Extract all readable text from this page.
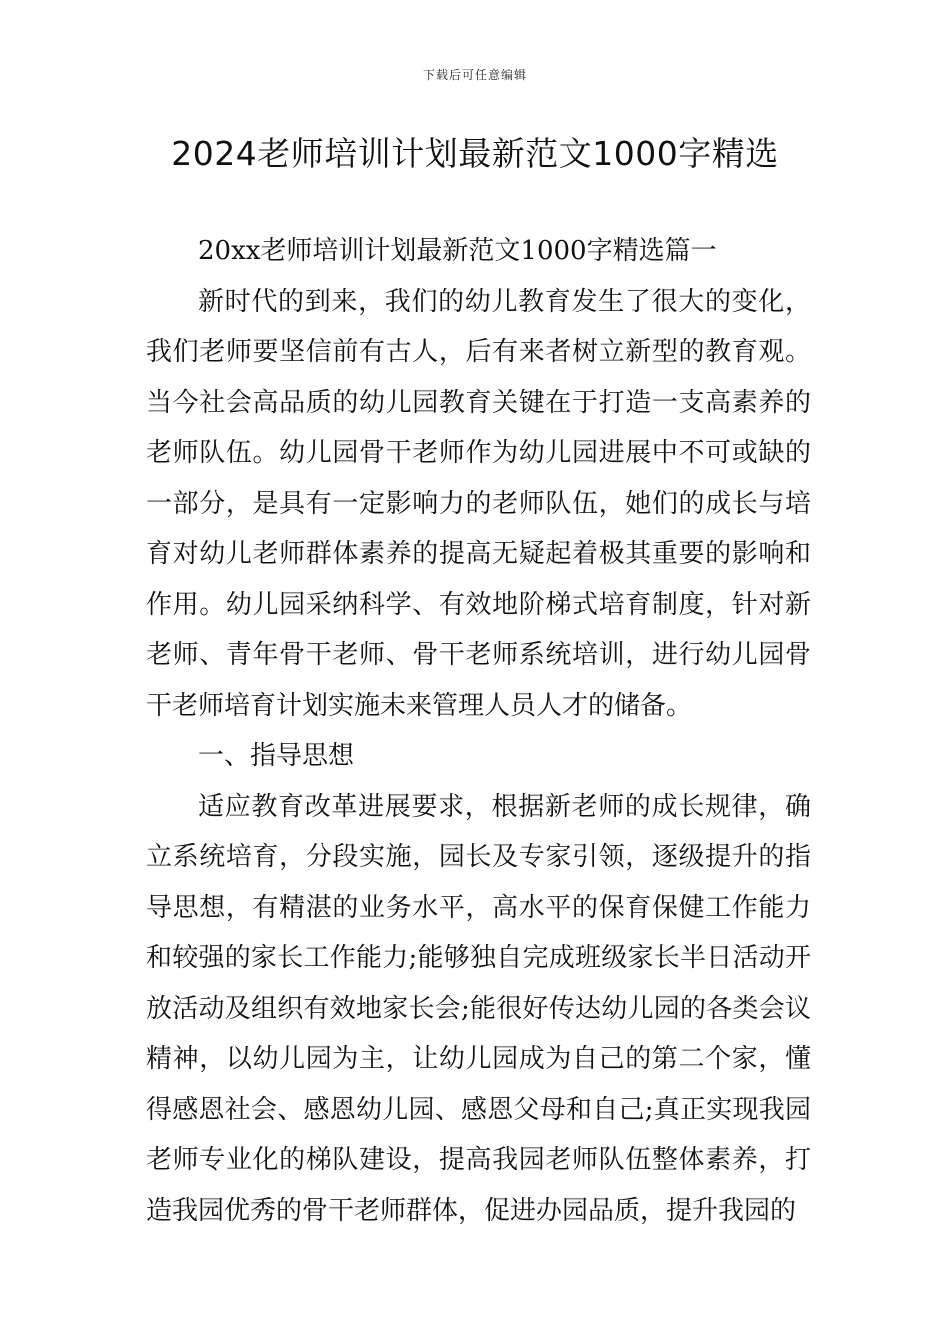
下载后可任意编辑
2024老师培训计划最新范文1000字精选

20xx老师培训计划最新范文1000字精选篇一

新时代的到来，我们的幼儿教育发生了很大的变化，我们老师要坚信前有古人，后有来者树立新型的教育观。当今社会高品质的幼儿园教育关键在于打造一支高素养的老师队伍。幼儿园骨干老师作为幼儿园进展中不可或缺的一部分，是具有一定影响力的老师队伍，她们的成长与培育对幼儿老师群体素养的提高无疑起着极其重要的影响和作用。幼儿园采纳科学、有效地阶梯式培育制度，针对新老师、青年骨干老师、骨干老师系统培训，进行幼儿园骨干老师培育计划实施未来管理人员人才的储备。

一、指导思想

适应教育改革进展要求，根据新老师的成长规律，确立系统培育，分段实施，园长及专家引领，逐级提升的指导思想，有精湛的业务水平，高水平的保育保健工作能力和较强的家长工作能力;能够独自完成班级家长半日活动开放活动及组织有效地家长会;能很好传达幼儿园的各类会议精神，以幼儿园为主，让幼儿园成为自己的第二个家，懂得感恩社会、感恩幼儿园、感恩父母和自己;真正实现我园老师专业化的梯队建设，提高我园老师队伍整体素养，打造我园优秀的骨干老师群体，促进办园品质，提升我园的
